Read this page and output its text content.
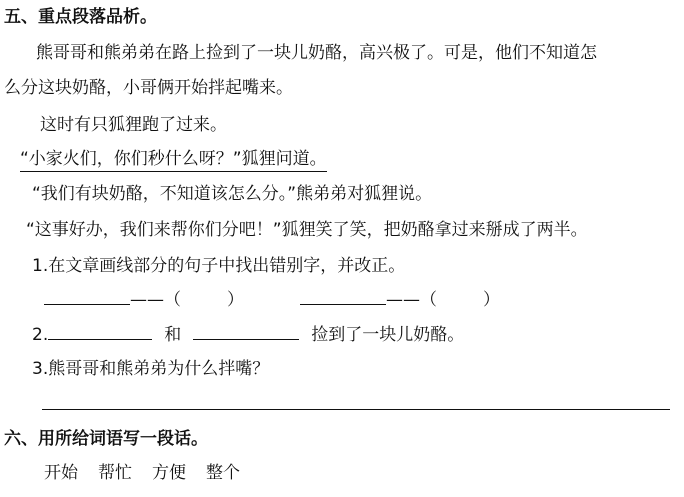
五、重点段落品析。
熊哥哥和熊弟弟在路上捡到了一块儿奶酪，高兴极了。可是，他们不知道怎
么分这块奶酪，小哥俩开始拌起嘴来。
这时有只狐狸跑了过来。
“小家火们，你们秒什么呀？”狐狸问道。
“我们有块奶酪，不知道该怎么分。”熊弟弟对狐狸说。
“这事好办，我们来帮你们分吧！”狐狸笑了笑，把奶酪拿过来掰成了两半。
1.在文章画线部分的句子中找出错别字，并改正。
——（	）	——（	）
2.	和	捡到了一块儿奶酪。
3.熊哥哥和熊弟弟为什么拌嘴？
六、用所给词语写一段话。
开始 帮忙 方便 整个
